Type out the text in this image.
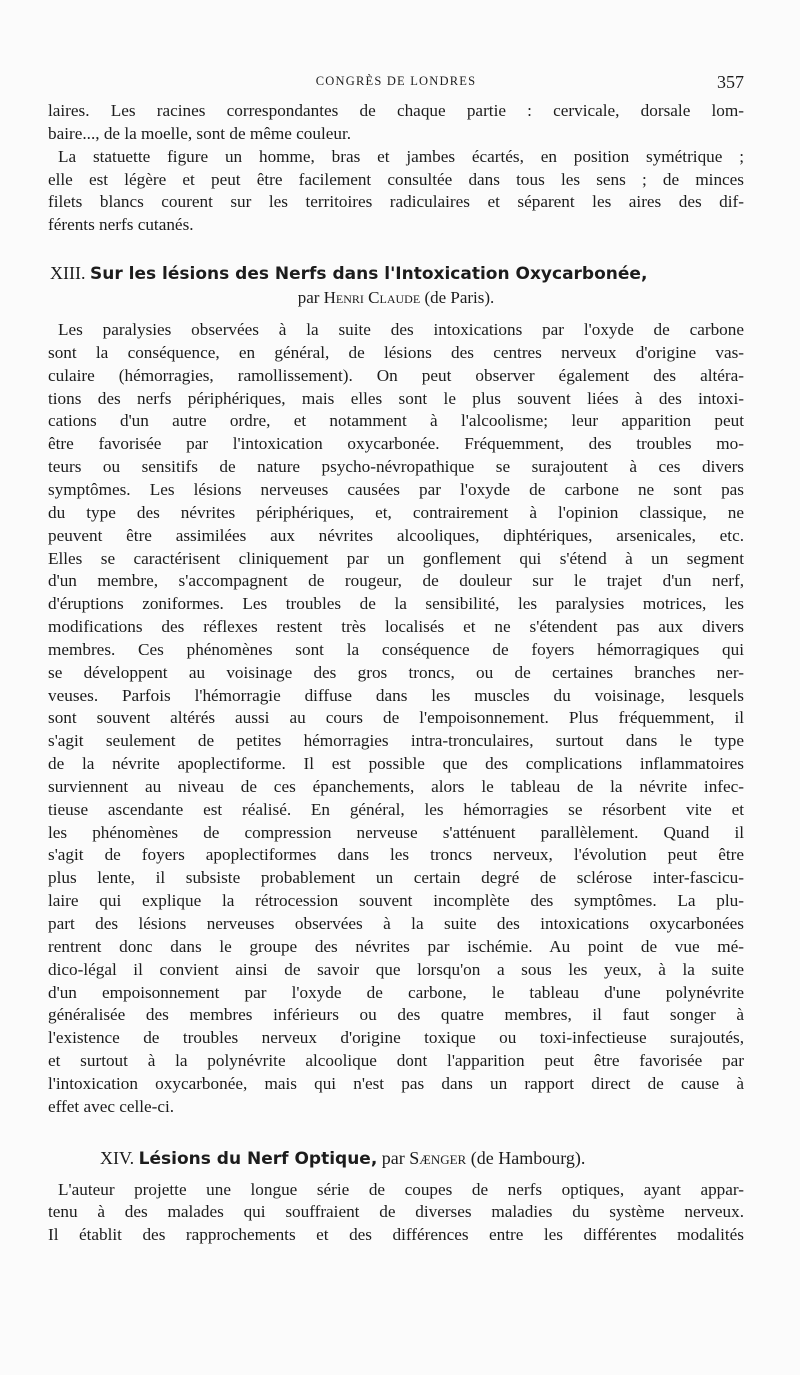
CONGRÈS DE LONDRES	357
laires. Les racines correspondantes de chaque partie : cervicale, dorsale lom-
baire..., de la moelle, sont de même couleur.
La statuette figure un homme, bras et jambes écartés, en position symétrique ;
elle est légère et peut être facilement consultée dans tous les sens ; de minces
filets blancs courent sur les territoires radiculaires et séparent les aires des dif-
férents nerfs cutanés.
XIII. Sur les lésions des Nerfs dans l'Intoxication Oxycarbonée,
par Henri Claude (de Paris).
Les paralysies observées à la suite des intoxications par l'oxyde de carbone
sont la conséquence, en général, de lésions des centres nerveux d'origine vas-
culaire (hémorragies, ramollissement). On peut observer également des altéra-
tions des nerfs périphériques, mais elles sont le plus souvent liées à des intoxi-
cations d'un autre ordre, et notamment à l'alcoolisme; leur apparition peut
être favorisée par l'intoxication oxycarbonée. Fréquemment, des troubles mo-
teurs ou sensitifs de nature psycho-névropathique se surajoutent à ces divers
symptômes. Les lésions nerveuses causées par l'oxyde de carbone ne sont pas
du type des névrites périphériques, et, contrairement à l'opinion classique, ne
peuvent être assimilées aux névrites alcooliques, diphtériques, arsenicales, etc.
Elles se caractérisent cliniquement par un gonflement qui s'étend à un segment
d'un membre, s'accompagnent de rougeur, de douleur sur le trajet d'un nerf,
d'éruptions zoniformes. Les troubles de la sensibilité, les paralysies motrices, les
modifications des réflexes restent très localisés et ne s'étendent pas aux divers
membres. Ces phénomènes sont la conséquence de foyers hémorragiques qui
se développent au voisinage des gros troncs, ou de certaines branches ner-
veuses. Parfois l'hémorragie diffuse dans les muscles du voisinage, lesquels
sont souvent altérés aussi au cours de l'empoisonnement. Plus fréquemment, il
s'agit seulement de petites hémorragies intra-tronculaires, surtout dans le type
de la névrite apoplectiforme. Il est possible que des complications inflammatoires
surviennent au niveau de ces épanchements, alors le tableau de la névrite infec-
tieuse ascendante est réalisé. En général, les hémorragies se résorbent vite et
les phénomènes de compression nerveuse s'atténuent parallèlement. Quand il
s'agit de foyers apoplectiformes dans les troncs nerveux, l'évolution peut être
plus lente, il subsiste probablement un certain degré de sclérose inter-fascicu-
laire qui explique la rétrocession souvent incomplète des symptômes. La plu-
part des lésions nerveuses observées à la suite des intoxications oxycarbonées
rentrent donc dans le groupe des névrites par ischémie. Au point de vue mé-
dico-légal il convient ainsi de savoir que lorsqu'on a sous les yeux, à la suite
d'un empoisonnement par l'oxyde de carbone, le tableau d'une polynévrite
généralisée des membres inférieurs ou des quatre membres, il faut songer à
l'existence de troubles nerveux d'origine toxique ou toxi-infectieuse surajoutés,
et surtout à la polynévrite alcoolique dont l'apparition peut être favorisée par
l'intoxication oxycarbonée, mais qui n'est pas dans un rapport direct de cause à
effet avec celle-ci.
XIV. Lésions du Nerf Optique, par Sænger (de Hambourg).
L'auteur projette une longue série de coupes de nerfs optiques, ayant appar-
tenu à des malades qui souffraient de diverses maladies du système nerveux.
Il établit des rapprochements et des différences entre les différentes modalités
